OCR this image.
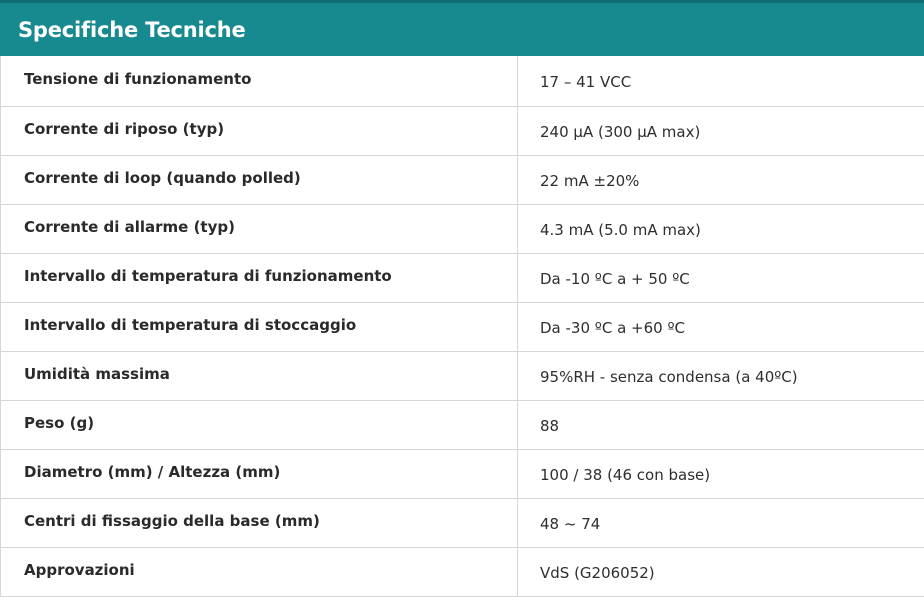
Specifiche Tecniche
Tensione di funzionamento	17 – 41 VCC
Corrente di riposo (typ)	240 µA (300 µA max)
Corrente di loop (quando polled)	22 mA ±20%
Corrente di allarme (typ)	4.3 mA (5.0 mA max)
Intervallo di temperatura di funzionamento	Da -10 ºC a + 50 ºC
Intervallo di temperatura di stoccaggio	Da -30 ºC a +60 ºC
Umidità massima	95%RH - senza condensa (a 40ºC)
Peso (g)	88
Diametro (mm) / Altezza (mm)	100 / 38 (46 con base)
Centri di fissaggio della base (mm)	48 ~ 74
Approvazioni	VdS (G206052)
